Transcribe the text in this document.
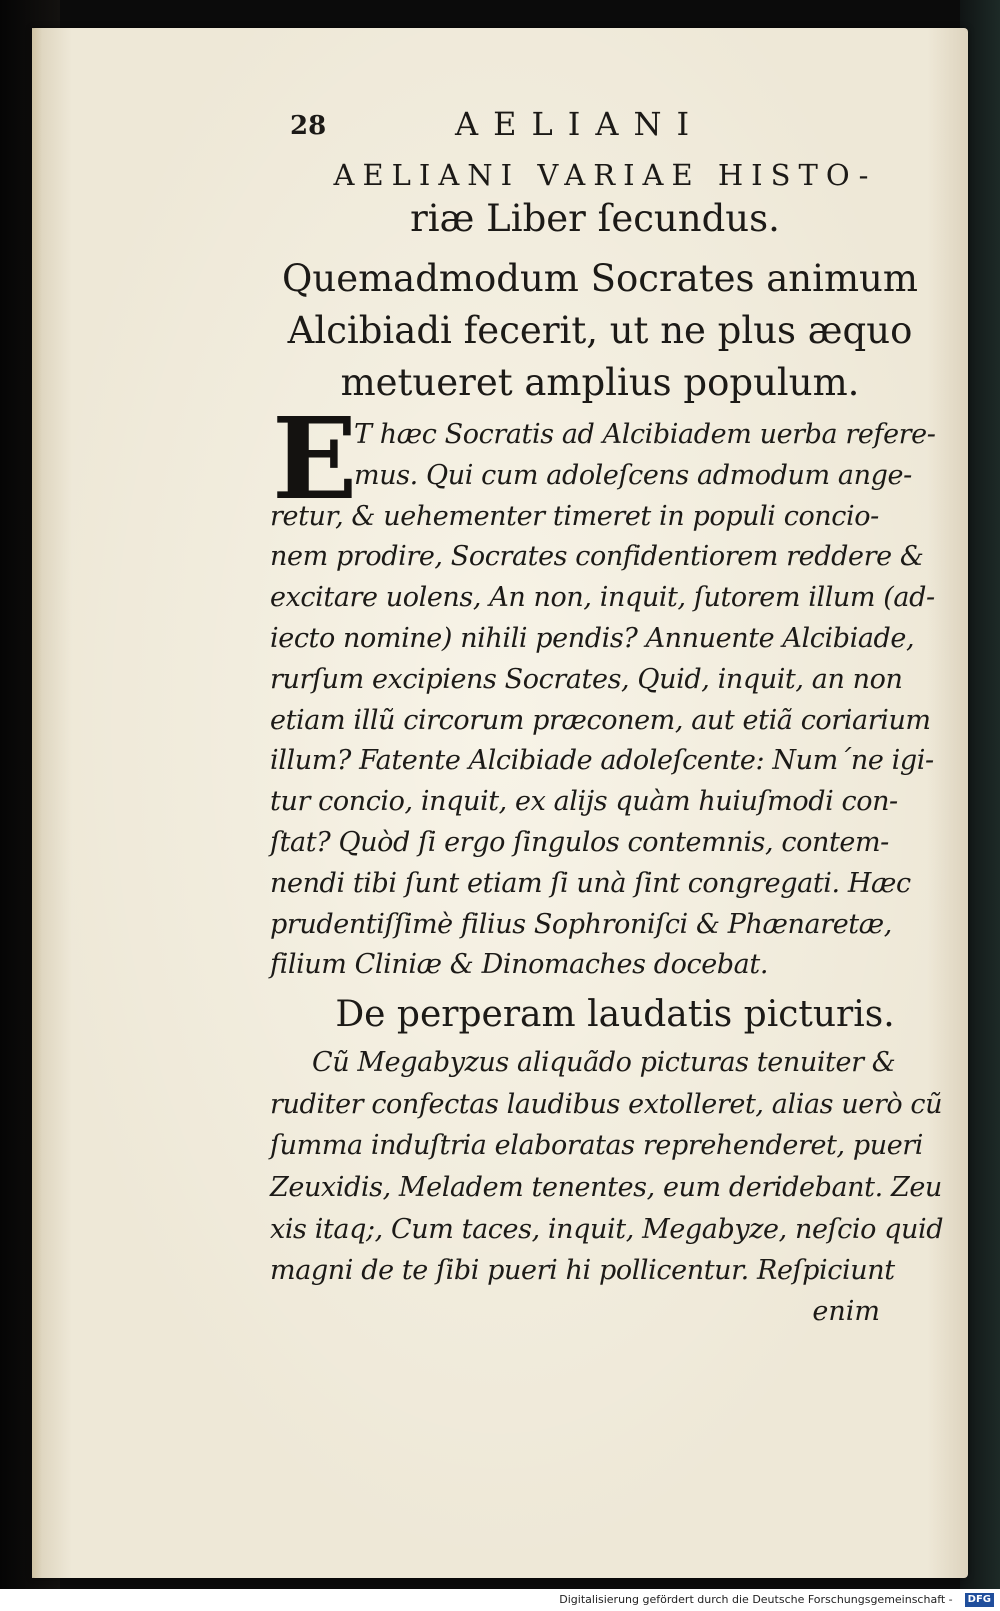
28	AELIANI
AELIANI VARIAE HISTO-
riæ Liber ſecundus.
Quemadmodum Socrates animum
Alcibiadi fecerit, ut ne plus æquo
metueret amplius populum.
E
T hæc Socratis ad Alcibiadem uerba refere-
mus. Qui cum adoleſcens admodum ange-
retur, & uehementer timeret in populi concio-
nem prodire, Socrates confidentiorem reddere &
excitare uolens, An non, inquit, ſutorem illum (ad-
iecto nomine) nihili pendis? Annuente Alcibiade,
rurſum excipiens Socrates, Quid, inquit, an non
etiam illũ circorum præconem, aut etiã coriarium
illum? Fatente Alcibiade adoleſcente: Num´ne igi-
tur concio, inquit, ex alijs quàm huiuſmodi con-
ſtat? Quòd ſi ergo ſingulos contemnis, contem-
nendi tibi ſunt etiam ſi unà ſint congregati. Hæc
prudentiſſimè filius Sophroniſci & Phænaretæ,
filium Cliniæ & Dinomaches docebat.
De perperam laudatis picturis.
Cũ Megabyzus aliquãdo picturas tenuiter &
ruditer confectas laudibus extolleret, alias uerò cũ
ſumma induſtria elaboratas reprehenderet, pueri
Zeuxidis, Meladem tenentes, eum deridebant. Zeu
xis itaq;, Cum taces, inquit, Megabyze, neſcio quid
magni de te ſibi pueri hi pollicentur. Reſpiciunt
enim
Digitalisierung gefördert durch die Deutsche Forschungsgemeinschaft - DFG
